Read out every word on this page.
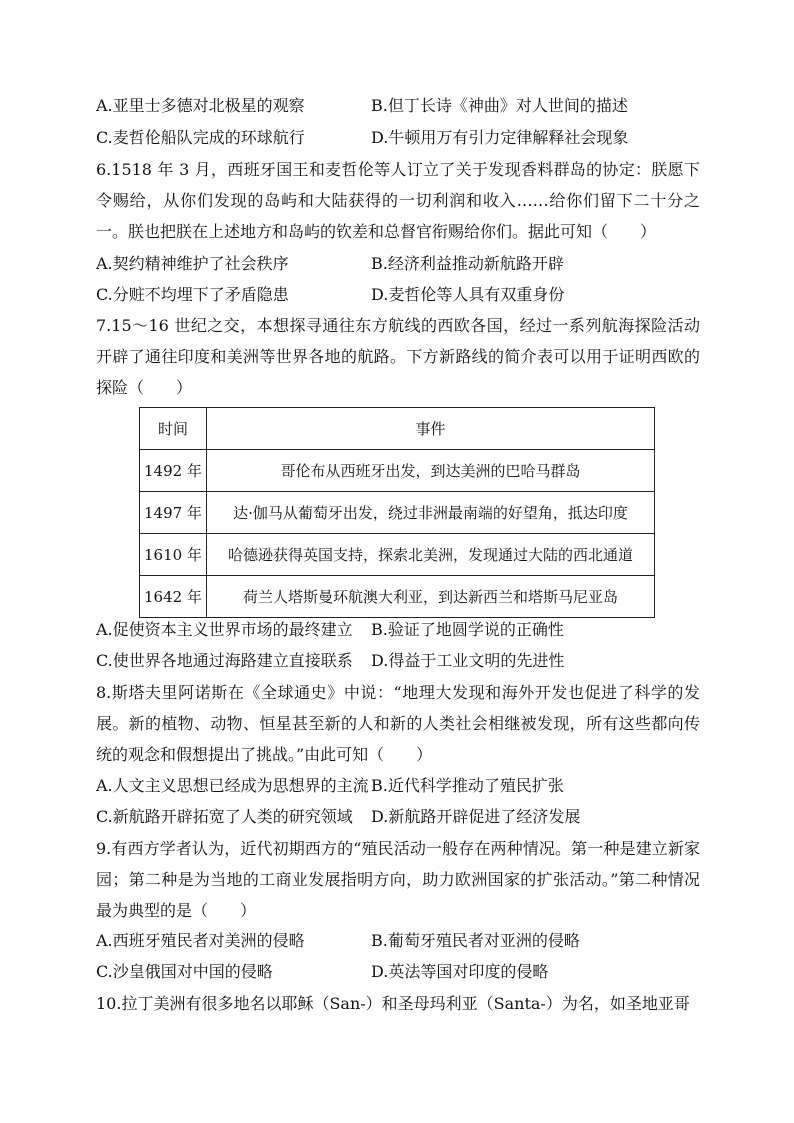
A.亚里士多德对北极星的观察	B.但丁长诗《神曲》对人世间的描述
C.麦哲伦船队完成的环球航行	D.牛顿用万有引力定律解释社会现象
6.1518 年 3 月，西班牙国王和麦哲伦等人订立了关于发现香料群岛的协定：朕愿下令赐给，从你们发现的岛屿和大陆获得的一切利润和收入……给你们留下二十分之一。朕也把朕在上述地方和岛屿的钦差和总督官衔赐给你们。据此可知（　　）
A.契约精神维护了社会秩序	B.经济利益推动新航路开辟
C.分赃不均埋下了矛盾隐患	D.麦哲伦等人具有双重身份
7.15～16 世纪之交，本想探寻通往东方航线的西欧各国，经过一系列航海探险活动开辟了通往印度和美洲等世界各地的航路。下方新路线的简介表可以用于证明西欧的探险（　　）
时间	事件
1492 年	哥伦布从西班牙出发，到达美洲的巴哈马群岛
1497 年	达·伽马从葡萄牙出发，绕过非洲最南端的好望角，抵达印度
1610 年	哈德逊获得英国支持，探索北美洲，发现通过大陆的西北通道
1642 年	荷兰人塔斯曼环航澳大利亚，到达新西兰和塔斯马尼亚岛
A.促使资本主义世界市场的最终建立 B.验证了地圆学说的正确性
C.使世界各地通过海路建立直接联系 D.得益于工业文明的先进性
8.斯塔夫里阿诺斯在《全球通史》中说：“地理大发现和海外开发也促进了科学的发展。新的植物、动物、恒星甚至新的人和新的人类社会相继被发现，所有这些都向传统的观念和假想提出了挑战。”由此可知（　　）
A.人文主义思想已经成为思想界的主流 B.近代科学推动了殖民扩张
C.新航路开辟拓宽了人类的研究领域 D.新航路开辟促进了经济发展
9.有西方学者认为，近代初期西方的“殖民活动一般存在两种情况。第一种是建立新家园；第二种是为当地的工商业发展指明方向，助力欧洲国家的扩张活动。”第二种情况最为典型的是（　　）
A.西班牙殖民者对美洲的侵略	B.葡萄牙殖民者对亚洲的侵略
C.沙皇俄国对中国的侵略	D.英法等国对印度的侵略
10.拉丁美洲有很多地名以耶稣（San-）和圣母玛利亚（Santa-）为名，如圣地亚哥
